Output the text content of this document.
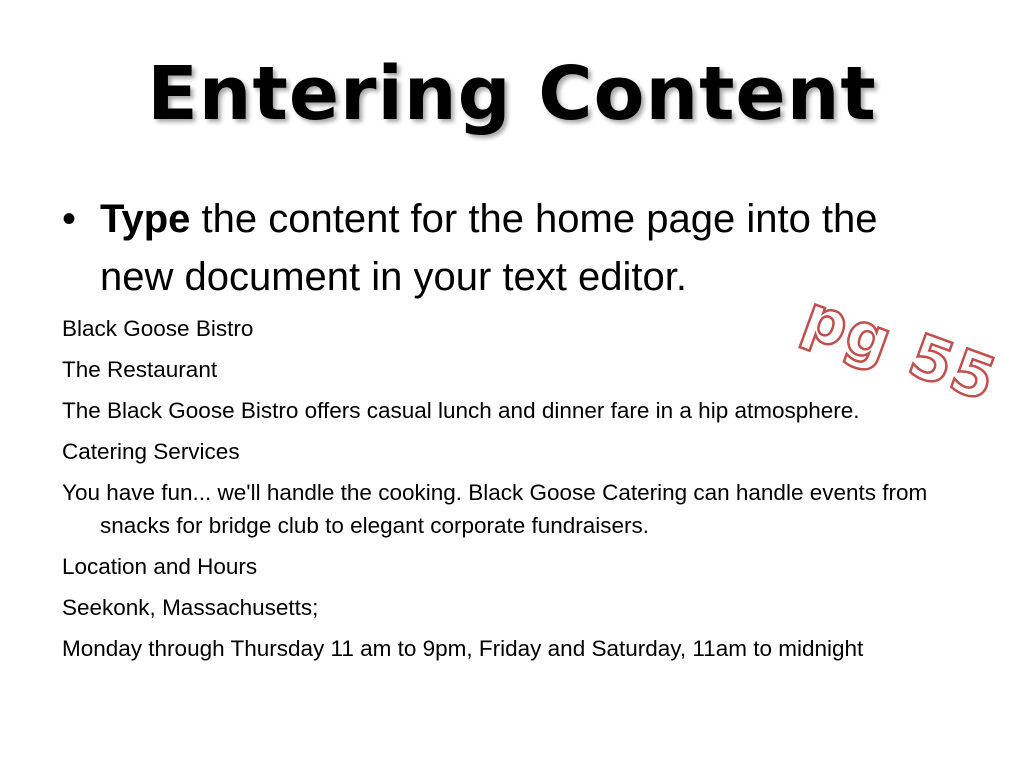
Entering Content
• Type the content for the home page into the new document in your text editor.

Black Goose Bistro

The Restaurant

The Black Goose Bistro offers casual lunch and dinner fare in a hip atmosphere.

Catering Services

You have fun... we'll handle the cooking. Black Goose Catering can handle events from snacks for bridge club to elegant corporate fundraisers.

Location and Hours

Seekonk, Massachusetts;

Monday through Thursday 11 am to 9pm, Friday and Saturday, 11am to midnight

pg 55
